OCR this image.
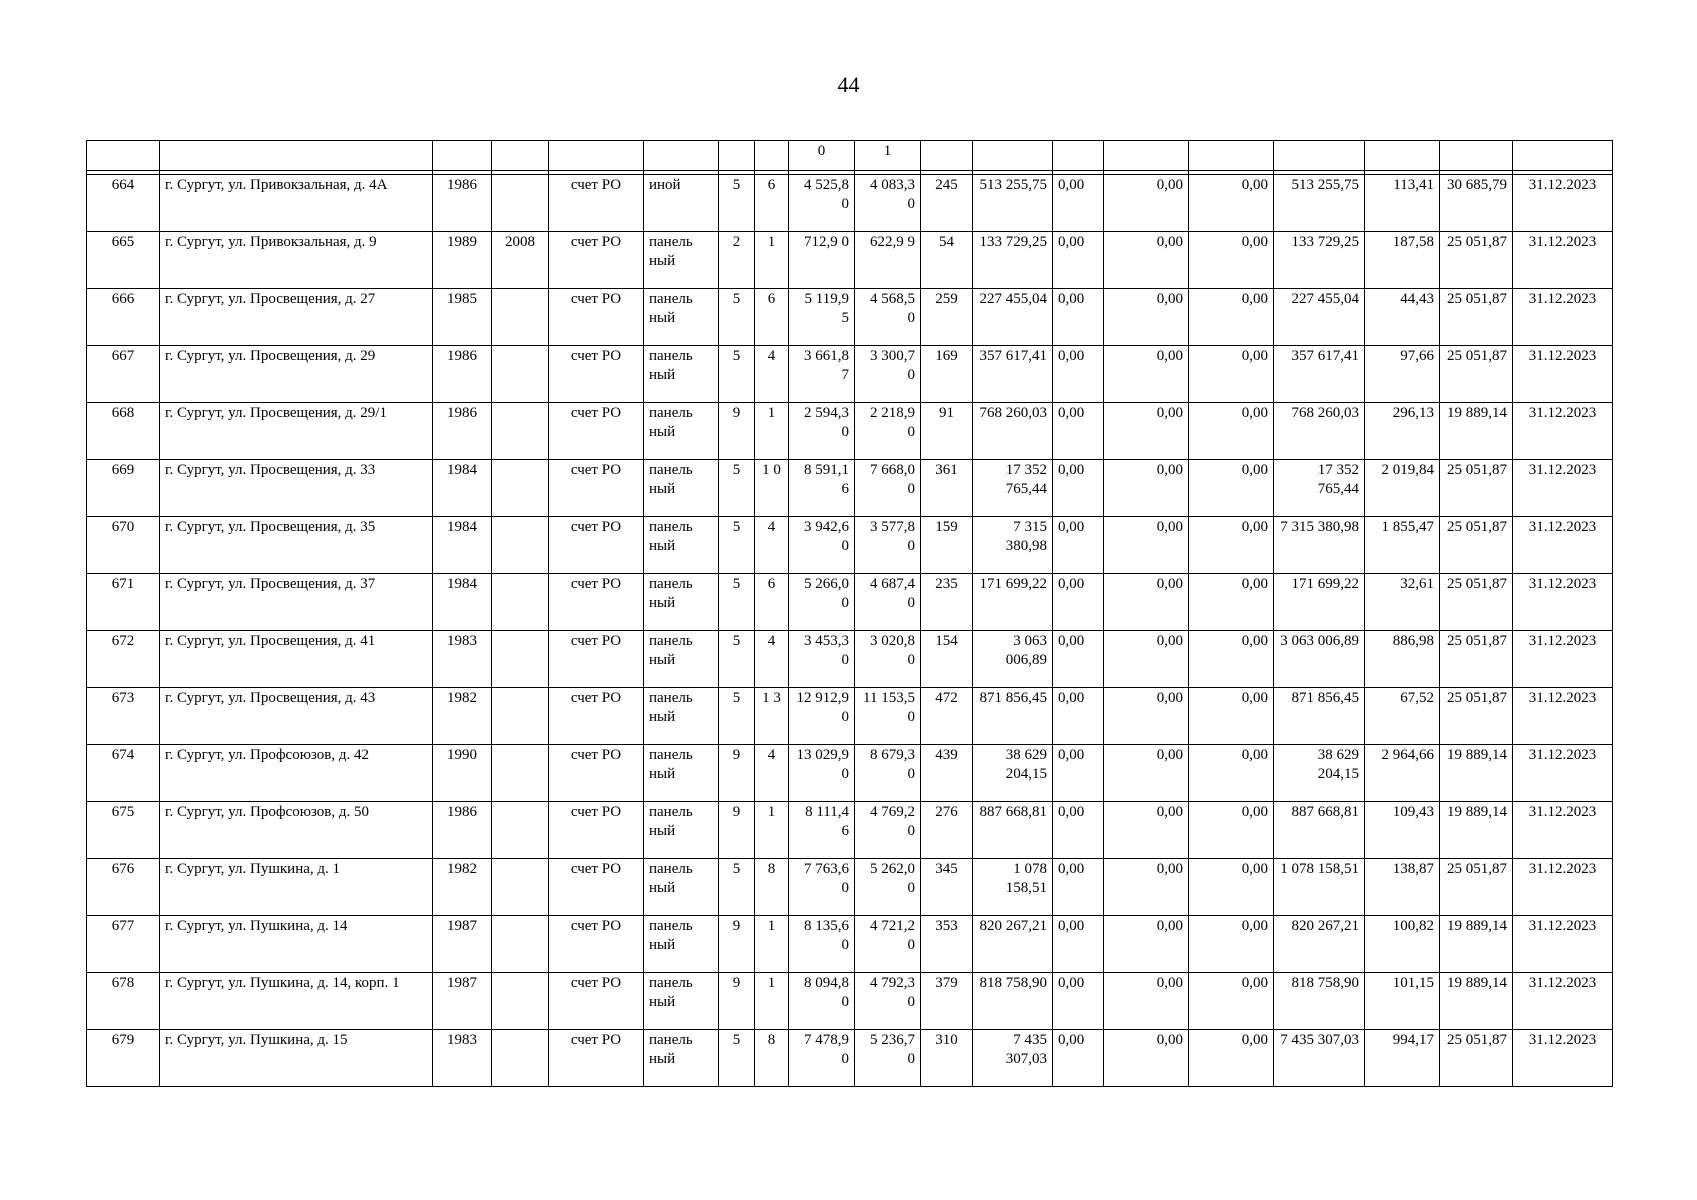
44
								0	1									

664	г. Сургут, ул. Привокзальная, д. 4А	1986		счет РО	иной	5	6	4 525,8 0	4 083,3 0	245	513 255,75	0,00	0,00	0,00	513 255,75	113,41	30 685,79	31.12.2023
665	г. Сургут, ул. Привокзальная, д. 9	1989	2008	счет РО	панель ный	2	1	712,9 0	622,9 9	54	133 729,25	0,00	0,00	0,00	133 729,25	187,58	25 051,87	31.12.2023
666	г. Сургут, ул. Просвещения, д. 27	1985		счет РО	панель ный	5	6	5 119,9 5	4 568,5 0	259	227 455,04	0,00	0,00	0,00	227 455,04	44,43	25 051,87	31.12.2023
667	г. Сургут, ул. Просвещения, д. 29	1986		счет РО	панель ный	5	4	3 661,8 7	3 300,7 0	169	357 617,41	0,00	0,00	0,00	357 617,41	97,66	25 051,87	31.12.2023
668	г. Сургут, ул. Просвещения, д. 29/1	1986		счет РО	панель ный	9	1	2 594,3 0	2 218,9 0	91	768 260,03	0,00	0,00	0,00	768 260,03	296,13	19 889,14	31.12.2023
669	г. Сургут, ул. Просвещения, д. 33	1984		счет РО	панель ный	5	1 0	8 591,1 6	7 668,0 0	361	17 352 765,44	0,00	0,00	0,00	17 352 765,44	2 019,84	25 051,87	31.12.2023
670	г. Сургут, ул. Просвещения, д. 35	1984		счет РО	панель ный	5	4	3 942,6 0	3 577,8 0	159	7 315 380,98	0,00	0,00	0,00	7 315 380,98	1 855,47	25 051,87	31.12.2023
671	г. Сургут, ул. Просвещения, д. 37	1984		счет РО	панель ный	5	6	5 266,0 0	4 687,4 0	235	171 699,22	0,00	0,00	0,00	171 699,22	32,61	25 051,87	31.12.2023
672	г. Сургут, ул. Просвещения, д. 41	1983		счет РО	панель ный	5	4	3 453,3 0	3 020,8 0	154	3 063 006,89	0,00	0,00	0,00	3 063 006,89	886,98	25 051,87	31.12.2023
673	г. Сургут, ул. Просвещения, д. 43	1982		счет РО	панель ный	5	1 3	12 912,9 0	11 153,5 0	472	871 856,45	0,00	0,00	0,00	871 856,45	67,52	25 051,87	31.12.2023
674	г. Сургут, ул. Профсоюзов, д. 42	1990		счет РО	панель ный	9	4	13 029,9 0	8 679,3 0	439	38 629 204,15	0,00	0,00	0,00	38 629 204,15	2 964,66	19 889,14	31.12.2023
675	г. Сургут, ул. Профсоюзов, д. 50	1986		счет РО	панель ный	9	1	8 111,4 6	4 769,2 0	276	887 668,81	0,00	0,00	0,00	887 668,81	109,43	19 889,14	31.12.2023
676	г. Сургут, ул. Пушкина, д. 1	1982		счет РО	панель ный	5	8	7 763,6 0	5 262,0 0	345	1 078 158,51	0,00	0,00	0,00	1 078 158,51	138,87	25 051,87	31.12.2023
677	г. Сургут, ул. Пушкина, д. 14	1987		счет РО	панель ный	9	1	8 135,6 0	4 721,2 0	353	820 267,21	0,00	0,00	0,00	820 267,21	100,82	19 889,14	31.12.2023
678	г. Сургут, ул. Пушкина, д. 14, корп. 1	1987		счет РО	панель ный	9	1	8 094,8 0	4 792,3 0	379	818 758,90	0,00	0,00	0,00	818 758,90	101,15	19 889,14	31.12.2023
679	г. Сургут, ул. Пушкина, д. 15	1983		счет РО	панель ный	5	8	7 478,9 0	5 236,7 0	310	7 435 307,03	0,00	0,00	0,00	7 435 307,03	994,17	25 051,87	31.12.2023
